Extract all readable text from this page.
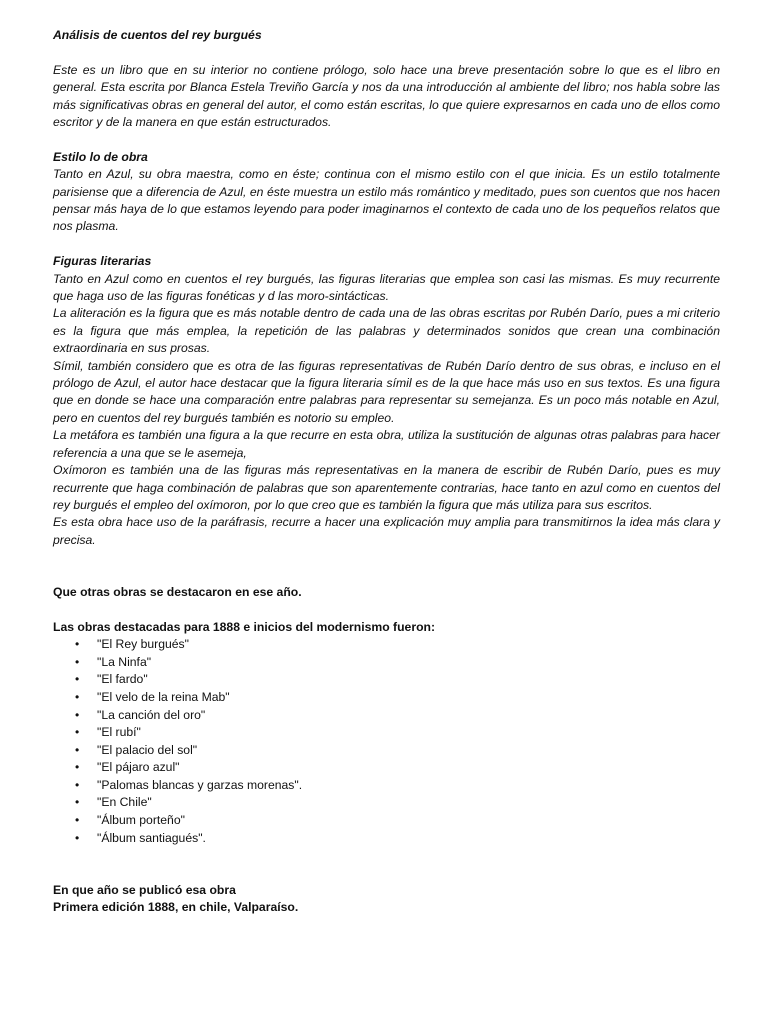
Análisis de cuentos del rey burgués

Este es un libro que en su interior no contiene prólogo, solo hace una breve presentación sobre lo que es el libro en general. Esta escrita por Blanca Estela Treviño García y nos da una introducción al ambiente del libro; nos habla sobre las más significativas obras en general del autor, el como están escritas, lo que quiere expresarnos en cada uno de ellos como escritor y de la manera en que están estructurados.

Estilo lo de obra

Tanto en Azul, su obra maestra, como en éste; continua con el mismo estilo con el que inicia. Es un estilo totalmente parisiense que a diferencia de Azul, en éste muestra un estilo más romántico y meditado, pues son cuentos que nos hacen pensar más haya de lo que estamos leyendo para poder imaginarnos el contexto de cada uno de los pequeños relatos que nos plasma.

Figuras literarias

Tanto en Azul como en cuentos el rey burgués, las figuras literarias que emplea son casi las mismas. Es muy recurrente que haga uso de las figuras fonéticas y d las moro-sintácticas.

La aliteración es la figura que es más notable dentro de cada una de las obras escritas por Rubén Darío, pues a mi criterio es la figura que más emplea, la repetición de las palabras y determinados sonidos que crean una combinación extraordinaria en sus prosas.

Símil, también considero que es otra de las figuras representativas de Rubén Darío dentro de sus obras, e incluso en el prólogo de Azul, el autor hace destacar que la figura literaria símil es de la que hace más uso en sus textos. Es una figura que en donde se hace una comparación entre palabras para representar su semejanza. Es un poco más notable en Azul, pero en cuentos del rey burgués también es notorio su empleo.

La metáfora es también una figura a la que recurre en esta obra, utiliza la sustitución de algunas otras palabras para hacer referencia a una que se le asemeja,

Oxímoron es también una de las figuras más representativas en la manera de escribir de Rubén Darío, pues es muy recurrente que haga combinación de palabras que son aparentemente contrarias, hace tanto en azul como en cuentos del rey burgués el empleo del oxímoron, por lo que creo que es también la figura que más utiliza para sus escritos.

Es esta obra hace uso de la paráfrasis, recurre a hacer una explicación muy amplia para transmitirnos la idea más clara y precisa.

Que otras obras se destacaron en ese año.

Las obras destacadas para 1888 e inicios del modernismo fueron:

• "El Rey burgués"
• "La Ninfa"
• "El fardo"
• "El velo de la reina Mab"
• "La canción del oro"
• "El rubí"
• "El palacio del sol"
• "El pájaro azul"
• "Palomas blancas y garzas morenas".
• "En Chile"
• "Álbum porteño"
• "Álbum santiagués".

En que año se publicó esa obra

Primera edición 1888, en chile, Valparaíso.
